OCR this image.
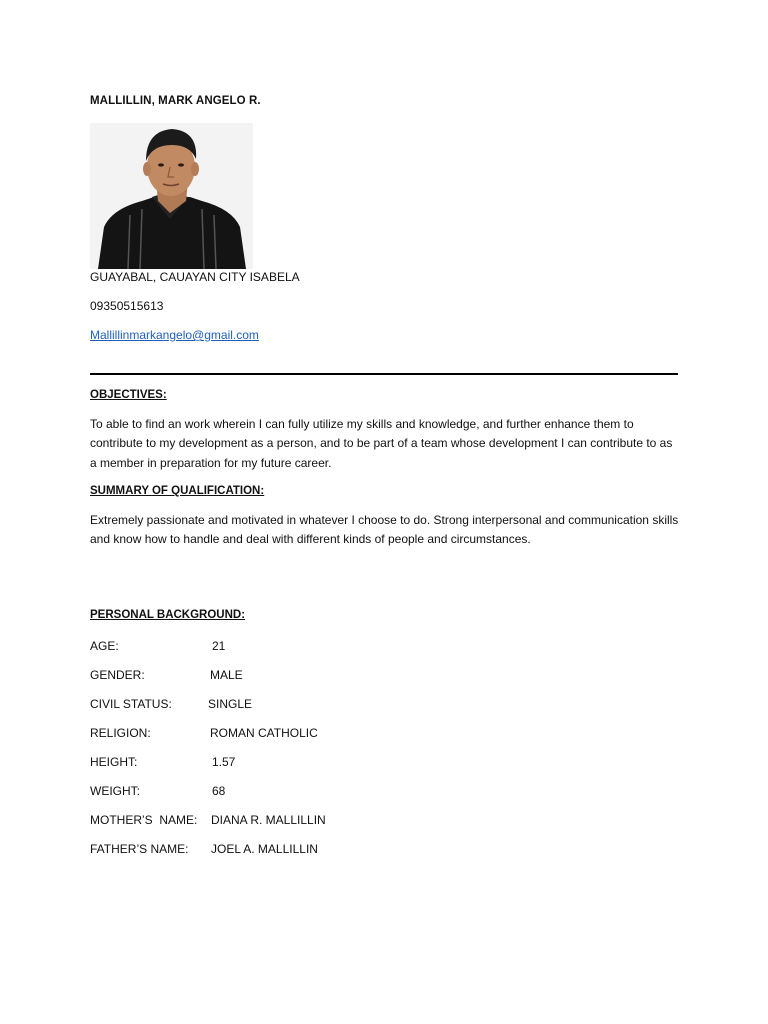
MALLILLIN, MARK ANGELO R.
GUAYABAL, CAUAYAN CITY ISABELA
09350515613
Mallillinmarkangelo@gmail.com
OBJECTIVES:
To able to find an work wherein I can fully utilize my skills and knowledge, and further enhance them to contribute to my development as a person, and to be part of a team whose development I can contribute to as a member in preparation for my future career.
SUMMARY OF QUALIFICATION:
Extremely passionate and motivated in whatever I choose to do. Strong interpersonal and communication skills and know how to handle and deal with different kinds of people and circumstances.
PERSONAL BACKGROUND:
AGE:	21
GENDER:	MALE
CIVIL STATUS:	SINGLE
RELIGION:	ROMAN CATHOLIC
HEIGHT:	1.57
WEIGHT:	68
MOTHER’S  NAME: DIANA R. MALLILLIN
FATHER’S NAME: JOEL A. MALLILLIN
